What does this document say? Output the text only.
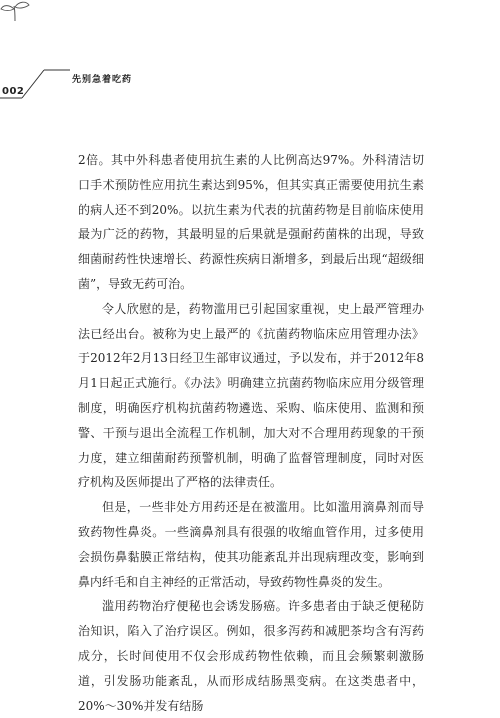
002
先别急着吃药

2倍。其中外科患者使用抗生素的人比例高达97%。外科清洁切口手术预防性应用抗生素达到95%，但其实真正需要使用抗生素的病人还不到20%。以抗生素为代表的抗菌药物是目前临床使用最为广泛的药物，其最明显的后果就是强耐药菌株的出现，导致细菌耐药性快速增长、药源性疾病日渐增多，到最后出现“超级细菌”，导致无药可治。

令人欣慰的是，药物滥用已引起国家重视，史上最严管理办法已经出台。被称为史上最严的《抗菌药物临床应用管理办法》于2012年2月13日经卫生部审议通过，予以发布，并于2012年8月1日起正式施行。《办法》明确建立抗菌药物临床应用分级管理制度，明确医疗机构抗菌药物遴选、采购、临床使用、监测和预警、干预与退出全流程工作机制，加大对不合理用药现象的干预力度，建立细菌耐药预警机制，明确了监督管理制度，同时对医疗机构及医师提出了严格的法律责任。

但是，一些非处方用药还是在被滥用。比如滥用滴鼻剂而导致药物性鼻炎。一些滴鼻剂具有很强的收缩血管作用，过多使用会损伤鼻黏膜正常结构，使其功能紊乱并出现病理改变，影响到鼻内纤毛和自主神经的正常活动，导致药物性鼻炎的发生。

滥用药物治疗便秘也会诱发肠癌。许多患者由于缺乏便秘防治知识，陷入了治疗误区。例如，很多泻药和减肥茶均含有泻药成分，长时间使用不仅会形成药物性依赖，而且会频繁刺激肠道，引发肠功能紊乱，从而形成结肠黑变病。在这类患者中，20%～30%并发有结肠
